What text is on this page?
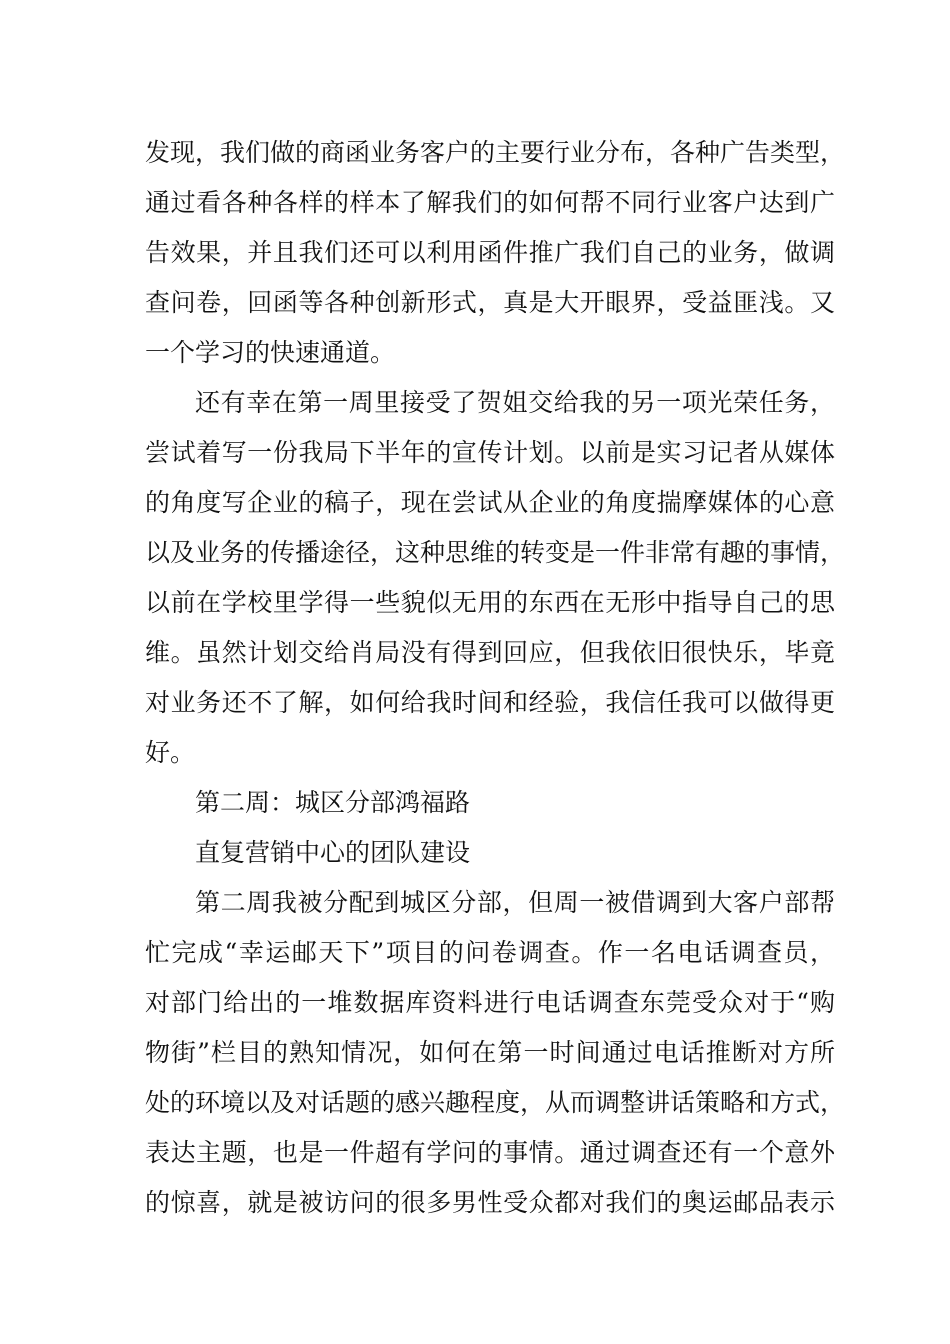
发现，我们做的商函业务客户的主要行业分布，各种广告类型，
通过看各种各样的样本了解我们的如何帮不同行业客户达到广
告效果，并且我们还可以利用函件推广我们自己的业务，做调
查问卷，回函等各种创新形式，真是大开眼界，受益匪浅。又
一个学习的快速通道。
还有幸在第一周里接受了贺姐交给我的另一项光荣任务，
尝试着写一份我局下半年的宣传计划。以前是实习记者从媒体
的角度写企业的稿子，现在尝试从企业的角度揣摩媒体的心意
以及业务的传播途径，这种思维的转变是一件非常有趣的事情，
以前在学校里学得一些貌似无用的东西在无形中指导自己的思
维。虽然计划交给肖局没有得到回应，但我依旧很快乐，毕竟
对业务还不了解，如何给我时间和经验，我信任我可以做得更
好。
第二周：城区分部鸿福路
直复营销中心的团队建设
第二周我被分配到城区分部，但周一被借调到大客户部帮
忙完成“幸运邮天下”项目的问卷调查。作一名电话调查员，
对部门给出的一堆数据库资料进行电话调查东莞受众对于“购
物街”栏目的熟知情况，如何在第一时间通过电话推断对方所
处的环境以及对话题的感兴趣程度，从而调整讲话策略和方式，
表达主题，也是一件超有学问的事情。通过调查还有一个意外
的惊喜，就是被访问的很多男性受众都对我们的奥运邮品表示
